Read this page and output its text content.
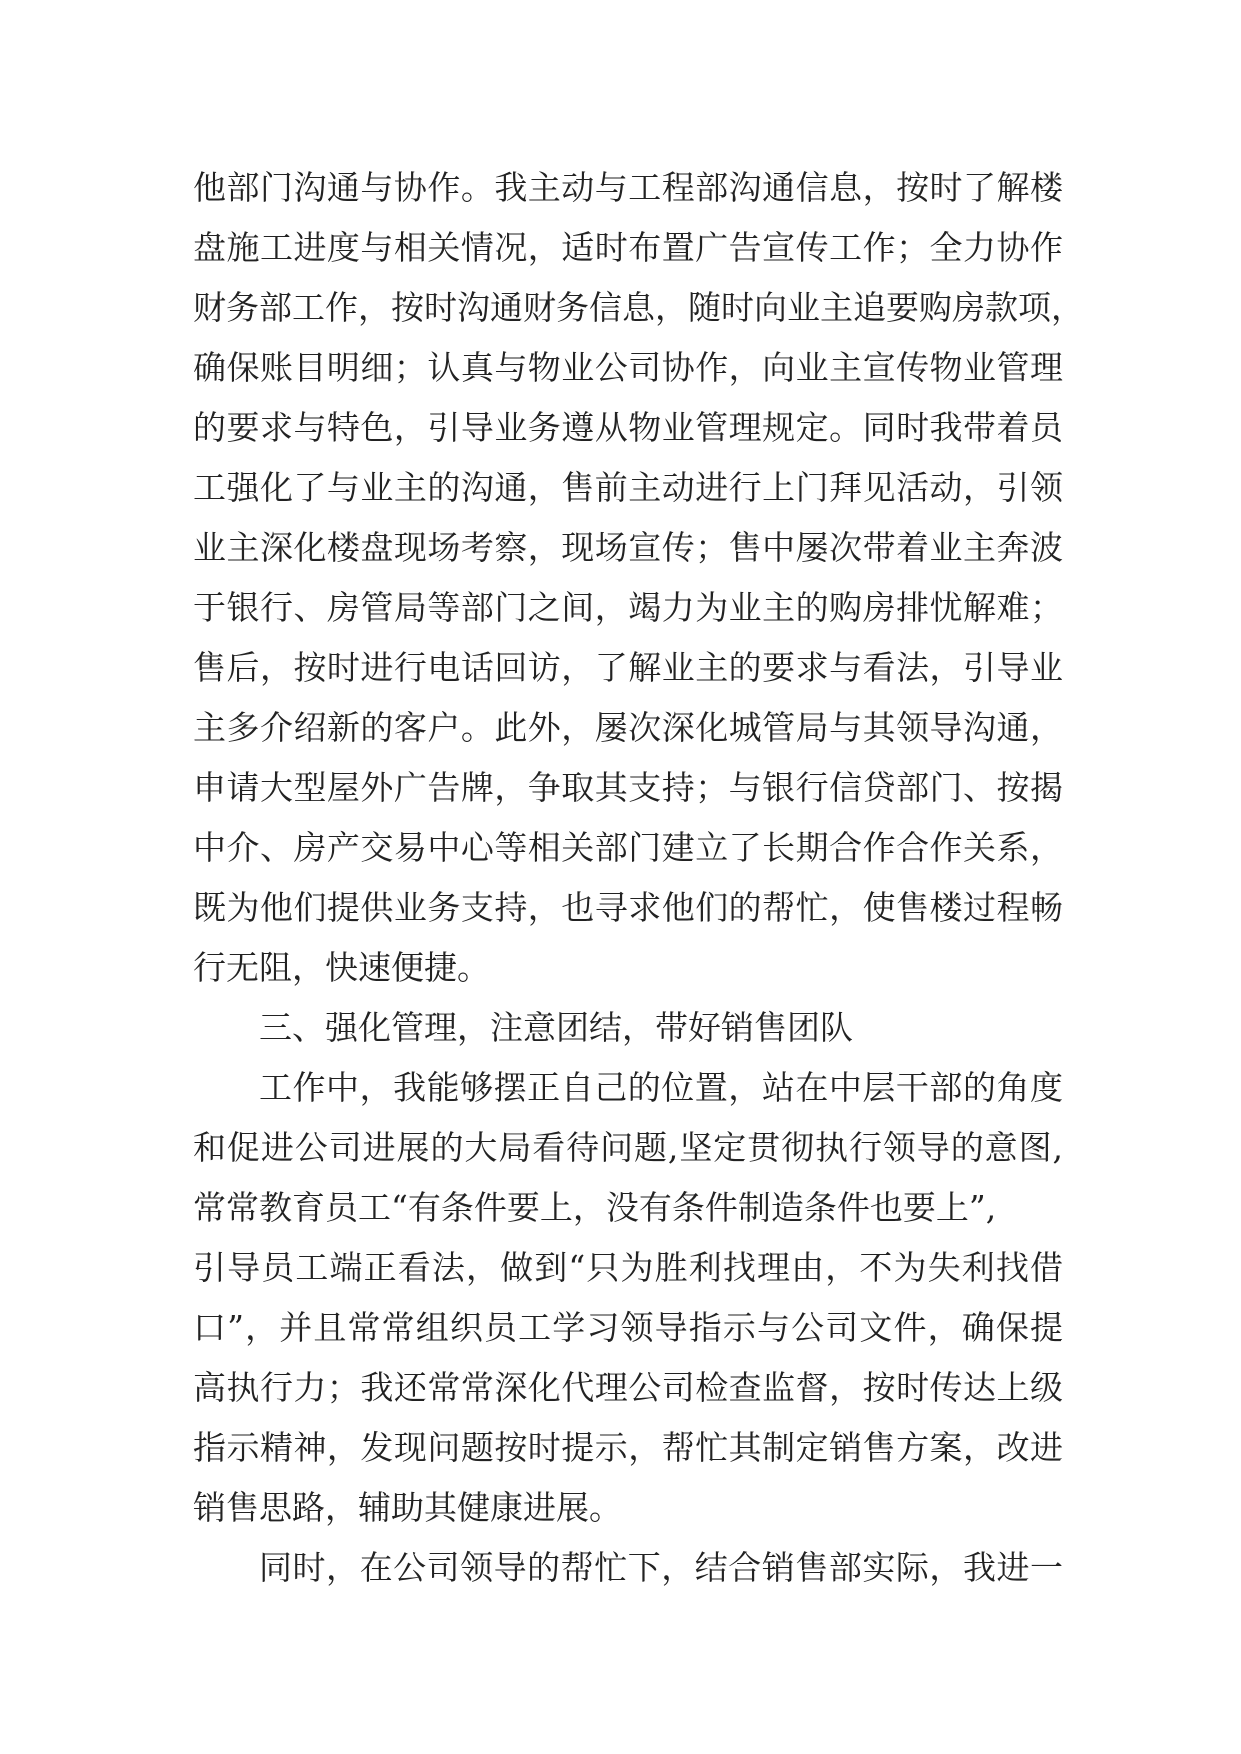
他部门沟通与协作。我主动与工程部沟通信息，按时了解楼
盘施工进度与相关情况，适时布置广告宣传工作；全力协作
财务部工作，按时沟通财务信息，随时向业主追要购房款项，
确保账目明细；认真与物业公司协作，向业主宣传物业管理
的要求与特色，引导业务遵从物业管理规定。同时我带着员
工强化了与业主的沟通，售前主动进行上门拜见活动，引领
业主深化楼盘现场考察，现场宣传；售中屡次带着业主奔波
于银行、房管局等部门之间，竭力为业主的购房排忧解难；
售后，按时进行电话回访，了解业主的要求与看法，引导业
主多介绍新的客户。此外，屡次深化城管局与其领导沟通，
申请大型屋外广告牌，争取其支持；与银行信贷部门、按揭
中介、房产交易中心等相关部门建立了长期合作合作关系，
既为他们提供业务支持，也寻求他们的帮忙，使售楼过程畅
行无阻，快速便捷。
三、强化管理，注意团结，带好销售团队
工作中，我能够摆正自己的位置，站在中层干部的角度
和促进公司进展的大局看待问题,坚定贯彻执行领导的意图,
常常教育员工“有条件要上，没有条件制造条件也要上”,
引导员工端正看法，做到“只为胜利找理由，不为失利找借
口”，并且常常组织员工学习领导指示与公司文件，确保提
高执行力；我还常常深化代理公司检查监督，按时传达上级
指示精神，发现问题按时提示，帮忙其制定销售方案，改进
销售思路，辅助其健康进展。
同时，在公司领导的帮忙下，结合销售部实际，我进一
